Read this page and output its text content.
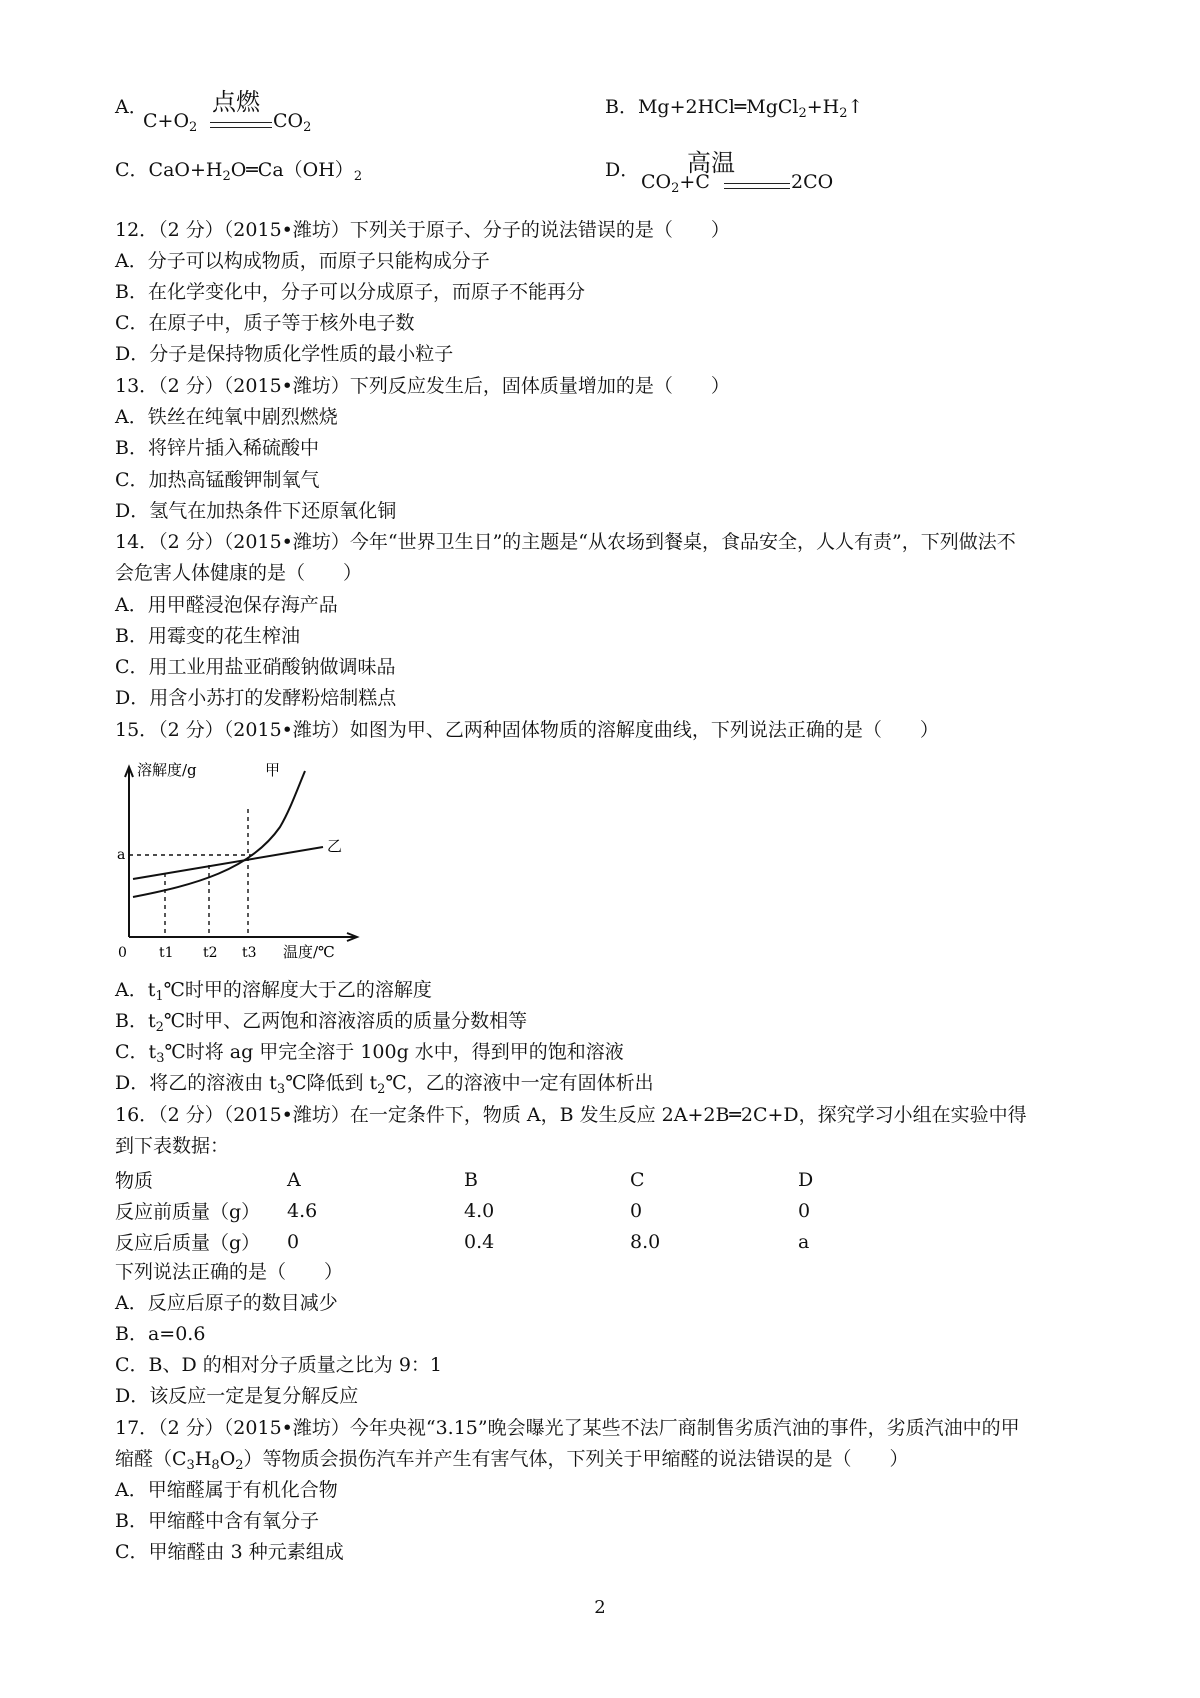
A．	点燃
$C+O_2$	$CO_2$
B．$Mg+2HCl═MgCl_2+H_2↑$
C．$CaO+H_2O═Ca(OH)_2$	D． 高温
$CO_2+C$	2CO
12．（2 分）（2015•潍坊）下列关于原子、分子的说法错误的是（　　）
A．分子可以构成物质，而原子只能构成分子
B．在化学变化中，分子可以分成原子，而原子不能再分
C．在原子中，质子等于核外电子数
D．分子是保持物质化学性质的最小粒子
13．（2 分）（2015•潍坊）下列反应发生后，固体质量增加的是（　　）
A．铁丝在纯氧中剧烈燃烧
B．将锌片插入稀硫酸中
C．加热高锰酸钾制氧气
D．氢气在加热条件下还原氧化铜
14．（2 分）（2015•潍坊）今年“世界卫生日”的主题是“从农场到餐桌，食品安全，人人有责”，下列做法不
会危害人体健康的是（　　）
A．用甲醛浸泡保存海产品
B．用霉变的花生榨油
C．用工业用盐亚硝酸钠做调味品
D．用含小苏打的发酵粉焙制糕点
15．（2 分）（2015•潍坊）如图为甲、乙两种固体物质的溶解度曲线，下列说法正确的是（　　）
溶解度/g	甲
乙
a
0 t1 t2 t3 温度/℃
A．$t_1℃$时甲的溶解度大于乙的溶解度
B．$t_2℃$时甲、乙两饱和溶液溶质的质量分数相等
C．$t_3℃$时将 ag 甲完全溶于 100g 水中，得到甲的饱和溶液
D．将乙的溶液由 $t_3℃$降低到 $t_2℃$，乙的溶液中一定有固体析出
16．（2 分）（2015•潍坊）在一定条件下，物质 A，B 发生反应 2A+2B═2C+D，探究学习小组在实验中得
到下表数据：
物质	A	B	C	D
反应前质量（g）	4.6	4.0	0	0
反应后质量（g）	0	0.4	8.0	a
下列说法正确的是（　　）
A．反应后原子的数目减少
B．a=0.6
C．B、D 的相对分子质量之比为 9：1
D．该反应一定是复分解反应
17．（2 分）（2015•潍坊）今年央视“3.15”晚会曝光了某些不法厂商制售劣质汽油的事件，劣质汽油中的甲
缩醛$(C_3H_8O_2)$等物质会损伤汽车并产生有害气体，下列关于甲缩醛的说法错误的是（　　）
A．甲缩醛属于有机化合物
B．甲缩醛中含有氧分子
C．甲缩醛由 3 种元素组成
2
